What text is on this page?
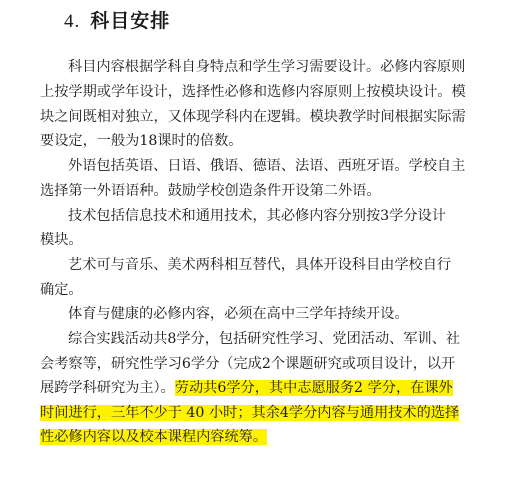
4. 科目安排
科目内容根据学科自身特点和学生学习需要设计。必修内容原则
上按学期或学年设计，选择性必修和选修内容原则上按模块设计。模
块之间既相对独立，又体现学科内在逻辑。模块教学时间根据实际需
要设定，一般为18课时的倍数。
外语包括英语、日语、俄语、德语、法语、西班牙语。学校自主
选择第一外语语种。鼓励学校创造条件开设第二外语。
技术包括信息技术和通用技术，其必修内容分别按3学分设计
模块。
艺术可与音乐、美术两科相互替代，具体开设科目由学校自行
确定。
体育与健康的必修内容，必须在高中三学年持续开设。
综合实践活动共8学分，包括研究性学习、党团活动、军训、社
会考察等，研究性学习6学分（完成2个课题研究或项目设计，以开
展跨学科研究为主）。劳动共6学分，其中志愿服务2 学分，在课外
时间进行，三年不少于 40 小时；其余4学分内容与通用技术的选择
性必修内容以及校本课程内容统筹。
